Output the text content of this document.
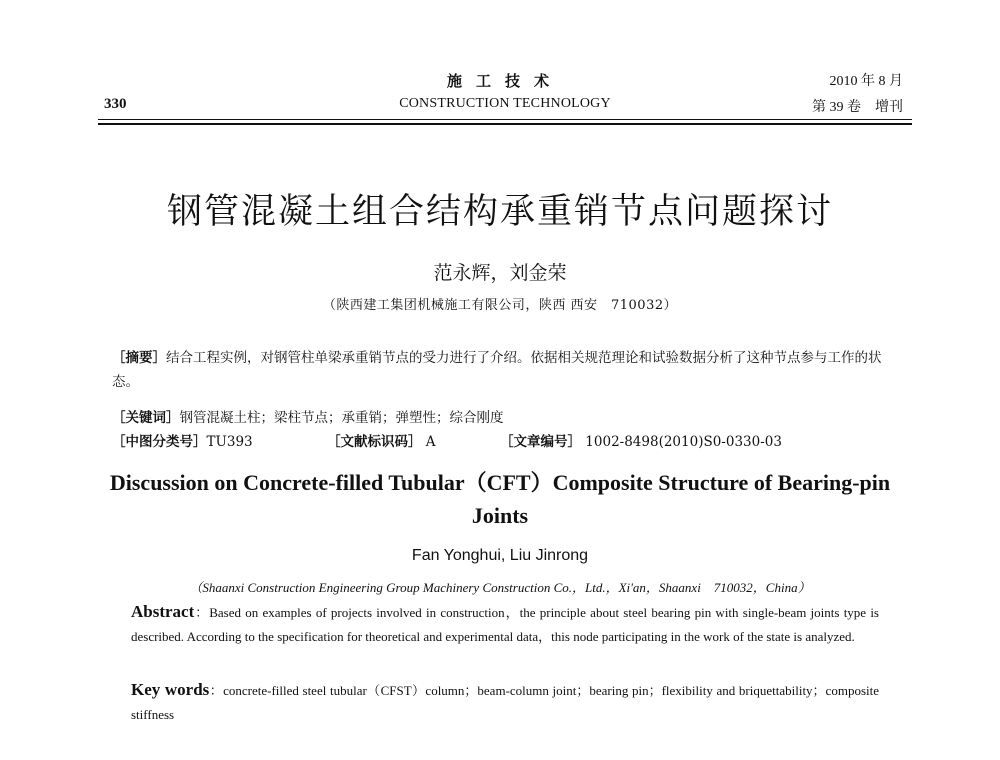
330
施工技术
CONSTRUCTION TECHNOLOGY
2010 年 8 月
第 39 卷　增刊
钢管混凝土组合结构承重销节点问题探讨
范永辉，刘金荣
（陕西建工集团机械施工有限公司，陕西 西安　710032）
［摘要］结合工程实例，对钢管柱单梁承重销节点的受力进行了介绍。依据相关规范理论和试验数据分析了这种节点参与工作的状态。
［关键词］钢管混凝土柱；梁柱节点；承重销；弹塑性；综合刚度
［中图分类号］TU393	［文献标识码］ A	［文章编号］ 1002-8498(2010)S0-0330-03
Discussion on Concrete-filled Tubular（CFT）Composite Structure of Bearing-pin Joints
Fan Yonghui, Liu Jinrong
（Shaanxi Construction Engineering Group Machinery Construction Co.，Ltd.，Xi'an，Shaanxi　710032，China）
Abstract：Based on examples of projects involved in construction，the principle about steel bearing pin with single-beam joints type is described. According to the specification for theoretical and experimental data，this node participating in the work of the state is analyzed.
Key words：concrete-filled steel tubular（CFST）column；beam-column joint；bearing pin；flexibility and briquettability；composite stiffness
